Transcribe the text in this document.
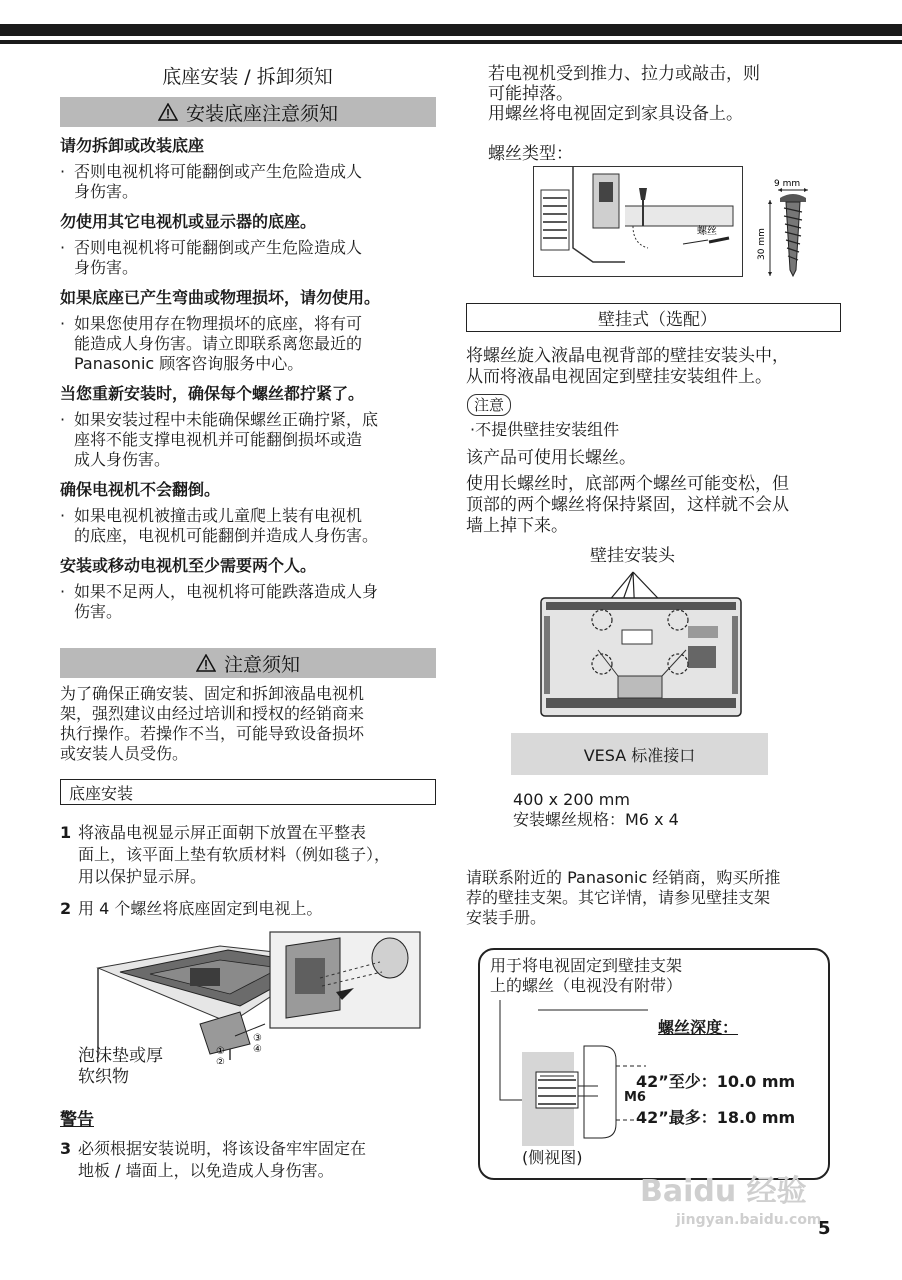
底座安装 / 拆卸须知
安装底座注意须知
请勿拆卸或改装底座
· 否则电视机将可能翻倒或产生危险造成人
身伤害。
勿使用其它电视机或显示器的底座。
· 否则电视机将可能翻倒或产生危险造成人
身伤害。
如果底座已产生弯曲或物理损坏，请勿使用。
· 如果您使用存在物理损坏的底座，将有可
能造成人身伤害。请立即联系离您最近的
Panasonic 顾客咨询服务中心。
当您重新安装时，确保每个螺丝都拧紧了。
· 如果安装过程中未能确保螺丝正确拧紧，底
座将不能支撑电视机并可能翻倒损坏或造
成人身伤害。
确保电视机不会翻倒。
· 如果电视机被撞击或儿童爬上装有电视机
的底座，电视机可能翻倒并造成人身伤害。
安装或移动电视机至少需要两个人。
· 如果不足两人，电视机将可能跌落造成人身
伤害。
注意须知
为了确保正确安装、固定和拆卸液晶电视机
架，强烈建议由经过培训和授权的经销商来
执行操作。若操作不当，可能导致设备损坏
或安装人员受伤。
底座安装
1 将液晶电视显示屏正面朝下放置在平整表
面上，该平面上垫有软质材料（例如毯子），
用以保护显示屏。
2 用 4 个螺丝将底座固定到电视上。
①
②
③
④
泡沫垫或厚
软织物
警告
3 必须根据安装说明，将该设备牢牢固定在
地板 / 墙面上，以免造成人身伤害。
若电视机受到推力、拉力或敲击，则
可能掉落。
用螺丝将电视固定到家具设备上。
螺丝类型：
螺丝
9 mm
30 mm
壁挂式（选配）
将螺丝旋入液晶电视背部的壁挂安装头中，
从而将液晶电视固定到壁挂安装组件上。
注意
·不提供壁挂安装组件
该产品可使用长螺丝。
使用长螺丝时，底部两个螺丝可能变松，但
顶部的两个螺丝将保持紧固，这样就不会从
墙上掉下来。
壁挂安装头
VESA 标准接口
400 x 200 mm
安装螺丝规格：M6 x 4
请联系附近的 Panasonic 经销商，购买所推
荐的壁挂支架。其它详情，请参见壁挂支架
安装手册。
用于将电视固定到壁挂支架
上的螺丝（电视没有附带）
螺丝深度：
42”至少：10.0 mm
M6
42”最多：18.0 mm
(侧视图)
Baidu 经验
jingyan.baidu.com
5
